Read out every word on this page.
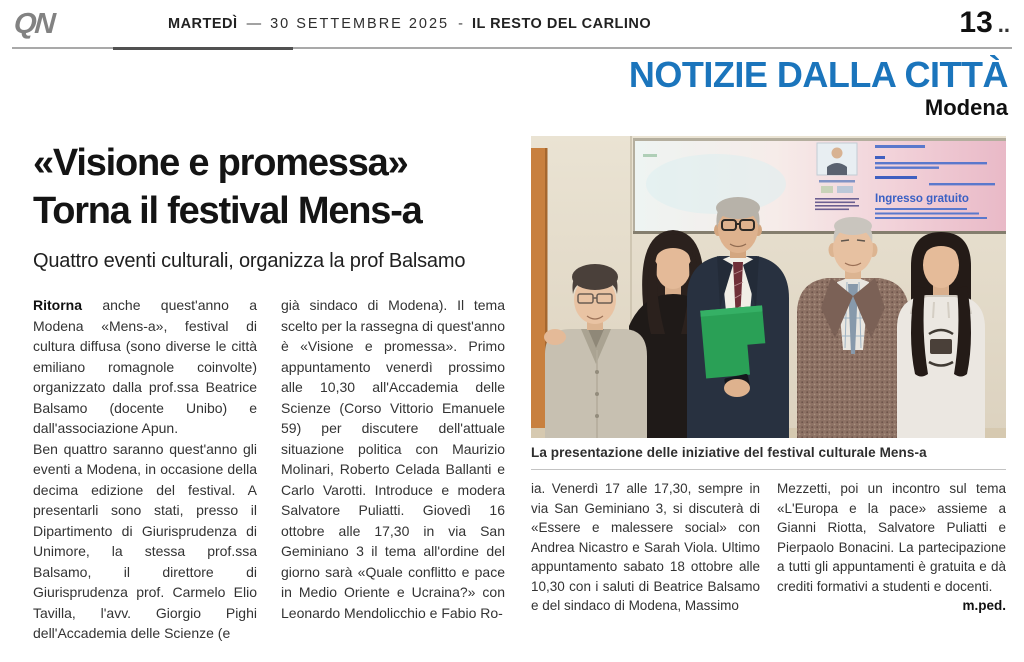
QN	MARTEDÌ — 30 SETTEMBRE 2025 - IL RESTO DEL CARLINO	13 ..
NOTIZIE DALLA CITTÀ
Modena
«Visione e promessa»
Torna il festival Mens-a
Quattro eventi culturali, organizza la prof Balsamo

Ritorna anche quest'anno a Modena «Mens-a», festival di cultura diffusa (sono diverse le città emiliano romagnole coinvolte) organizzato dalla prof.ssa Beatrice Balsamo (docente Unibo) e dall'associazione Apun.

Ben quattro saranno quest'anno gli eventi a Modena, in occasione della decima edizione del festival. A presentarli sono stati, presso il Dipartimento di Giurisprudenza di Unimore, la stessa prof.ssa Balsamo, il direttore di Giurisprudenza prof. Carmelo Elio Tavilla, l'avv. Giorgio Pighi dell'Accademia delle Scienze (e

già sindaco di Modena). Il tema scelto per la rassegna di quest'anno è «Visione e promessa». Primo appuntamento venerdì prossimo alle 10,30 all'Accademia delle Scienze (Corso Vittorio Emanuele 59) per discutere dell'attuale situazione politica con Maurizio Molinari, Roberto Celada Ballanti e Carlo Varotti. Introduce e modera Salvatore Puliatti. Giovedì 16 ottobre alle 17,30 in via San Geminiano 3 il tema all'ordine del giorno sarà «Quale conflitto e pace in Medio Oriente e Ucraina?» con Leonardo Mendolicchio e Fabio Ro-

Ingresso gratuito
La presentazione delle iniziative del festival culturale Mens-a

ia. Venerdì 17 alle 17,30, sempre in via San Geminiano 3, si discuterà di «Essere e malessere social» con Andrea Nicastro e Sarah Viola. Ultimo appuntamento sabato 18 ottobre alle 10,30 con i saluti di Beatrice Balsamo e del sindaco di Modena, Massimo

Mezzetti, poi un incontro sul tema «L'Europa e la pace» assieme a Gianni Riotta, Salvatore Puliatti e Pierpaolo Bonacini. La partecipazione a tutti gli appuntamenti è gratuita e dà crediti formativi a studenti e docenti.
m.ped.
